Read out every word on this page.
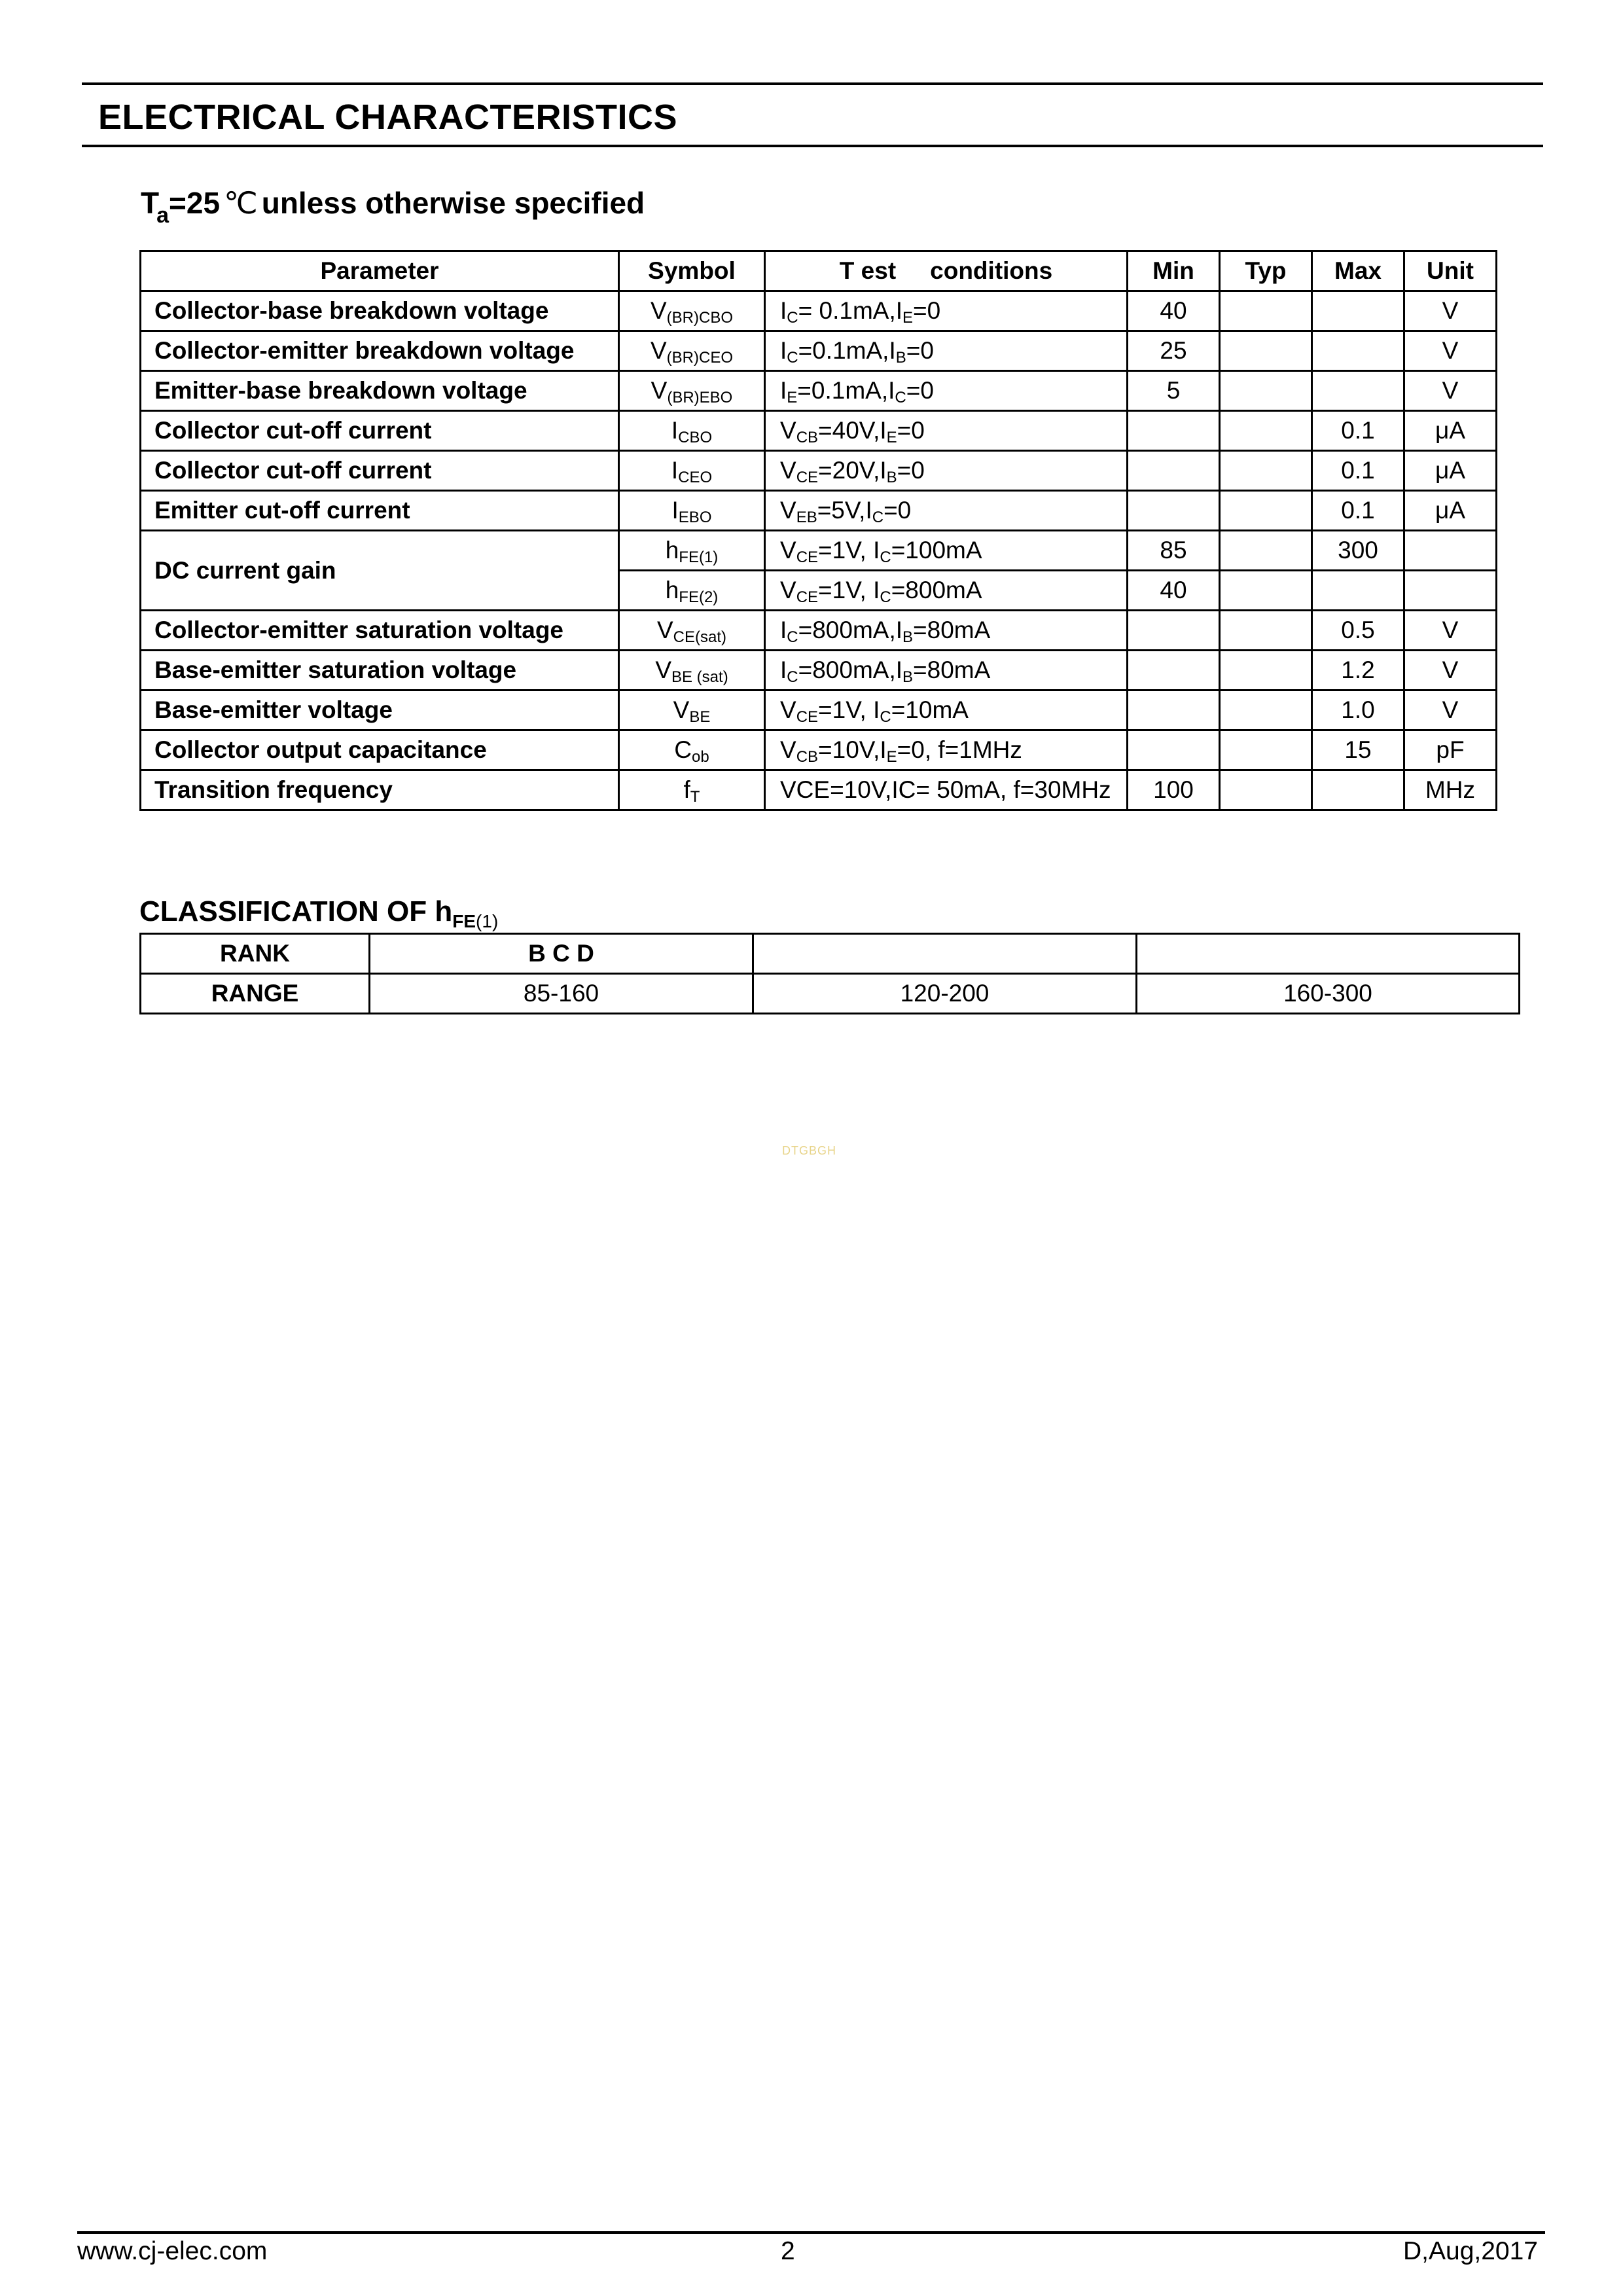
ELECTRICAL CHARACTERISTICS
$T_a=25$ ℃ unless otherwise specified
Parameter	Symbol	T est conditions	Min	Typ	Max	Unit
Collector-base breakdown voltage	$V_{(BR)CBO}$	$I_C= 0.1mA,I_E=0$	40			V
Collector-emitter breakdown voltage	$V_{(BR)CEO}$	$I_C=0.1mA,I_B=0$	25			V
Emitter-base breakdown voltage	$V_{(BR)EBO}$	$I_E=0.1mA,I_C=0$	5			V
Collector cut-off current	$I_{CBO}$	$V_{CB}=40V,I_E=0$			0.1	μA
Collector cut-off current	$I_{CEO}$	$V_{CE}=20V,I_B=0$			0.1	μA
Emitter cut-off current	$I_{EBO}$	$V_{EB}=5V,I_C=0$			0.1	μA
DC current gain	$h_{FE(1)}$	$V_{CE}=1V$, $I_C=100mA$	85		300	
	$h_{FE(2)}$	$V_{CE}=1V$, $I_C=800mA$	40			
Collector-emitter saturation voltage	$V_{CE(sat)}$	$I_C=800mA,I_B=80mA$			0.5	V
Base-emitter saturation voltage	$V_{BE (sat)}$	$I_C=800mA,I_B=80mA$			1.2	V
Base-emitter voltage	$V_{BE}$	$V_{CE}=1V$, $I_C=10mA$			1.0	V
Collector output capacitance	$C_{ob}$	$V_{CB}=10V,I_E=0$, f=1MHz			15	pF
Transition frequency	$f_T$	VCE=10V,IC= 50mA, f=30MHz	100			MHz
CLASSIFICATION OF $h_{FE(1)}$
RANK	B C D		
RANGE	85-160	120-200	160-300
DTGBGH
www.cj-elec.com	2	D,Aug,2017
